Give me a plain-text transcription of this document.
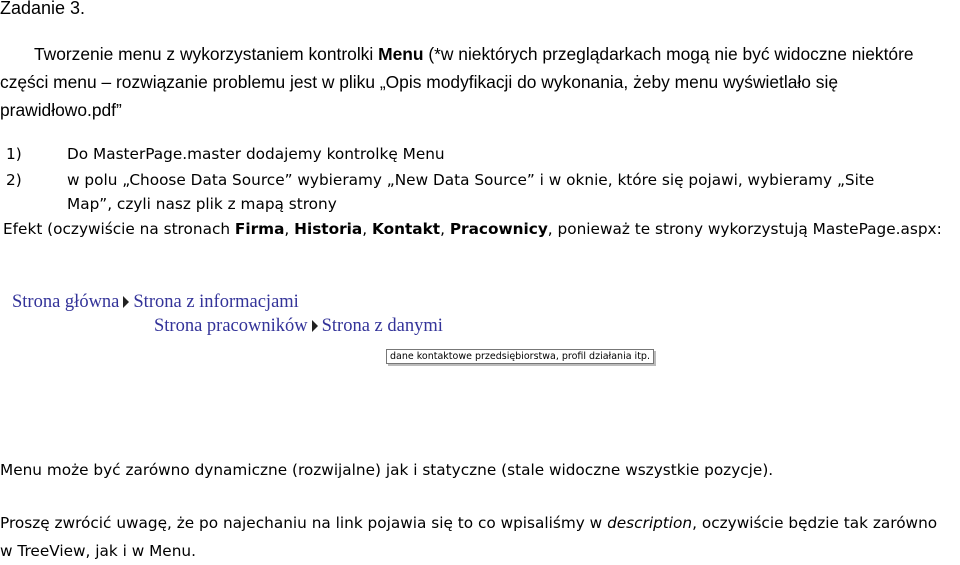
Zadanie 3.
Tworzenie menu z wykorzystaniem kontrolki Menu (*w niektórych przeglądarkach mogą nie być widoczne niektóre części menu – rozwiązanie problemu jest w pliku „Opis modyfikacji do wykonania, żeby menu wyświetlało się prawidłowo.pdf”
1)	Do MasterPage.master dodajemy kontrolkę Menu
2)	w polu „Choose Data Source” wybieramy „New Data Source” i w oknie, które się pojawi, wybieramy „Site
Map”, czyli nasz plik z mapą strony
Efekt (oczywiście na stronach Firma, Historia, Kontakt, Pracownicy, ponieważ te strony wykorzystują MastePage.aspx:
Strona główna Strona z informacjami
Strona pracowników Strona z danymi
dane kontaktowe przedsiębiorstwa, profil działania itp.
Menu może być zarówno dynamiczne (rozwijalne) jak i statyczne (stale widoczne wszystkie pozycje).
Proszę zwrócić uwagę, że po najechaniu na link pojawia się to co wpisaliśmy w description, oczywiście będzie tak zarówno w TreeView, jak i w Menu.
